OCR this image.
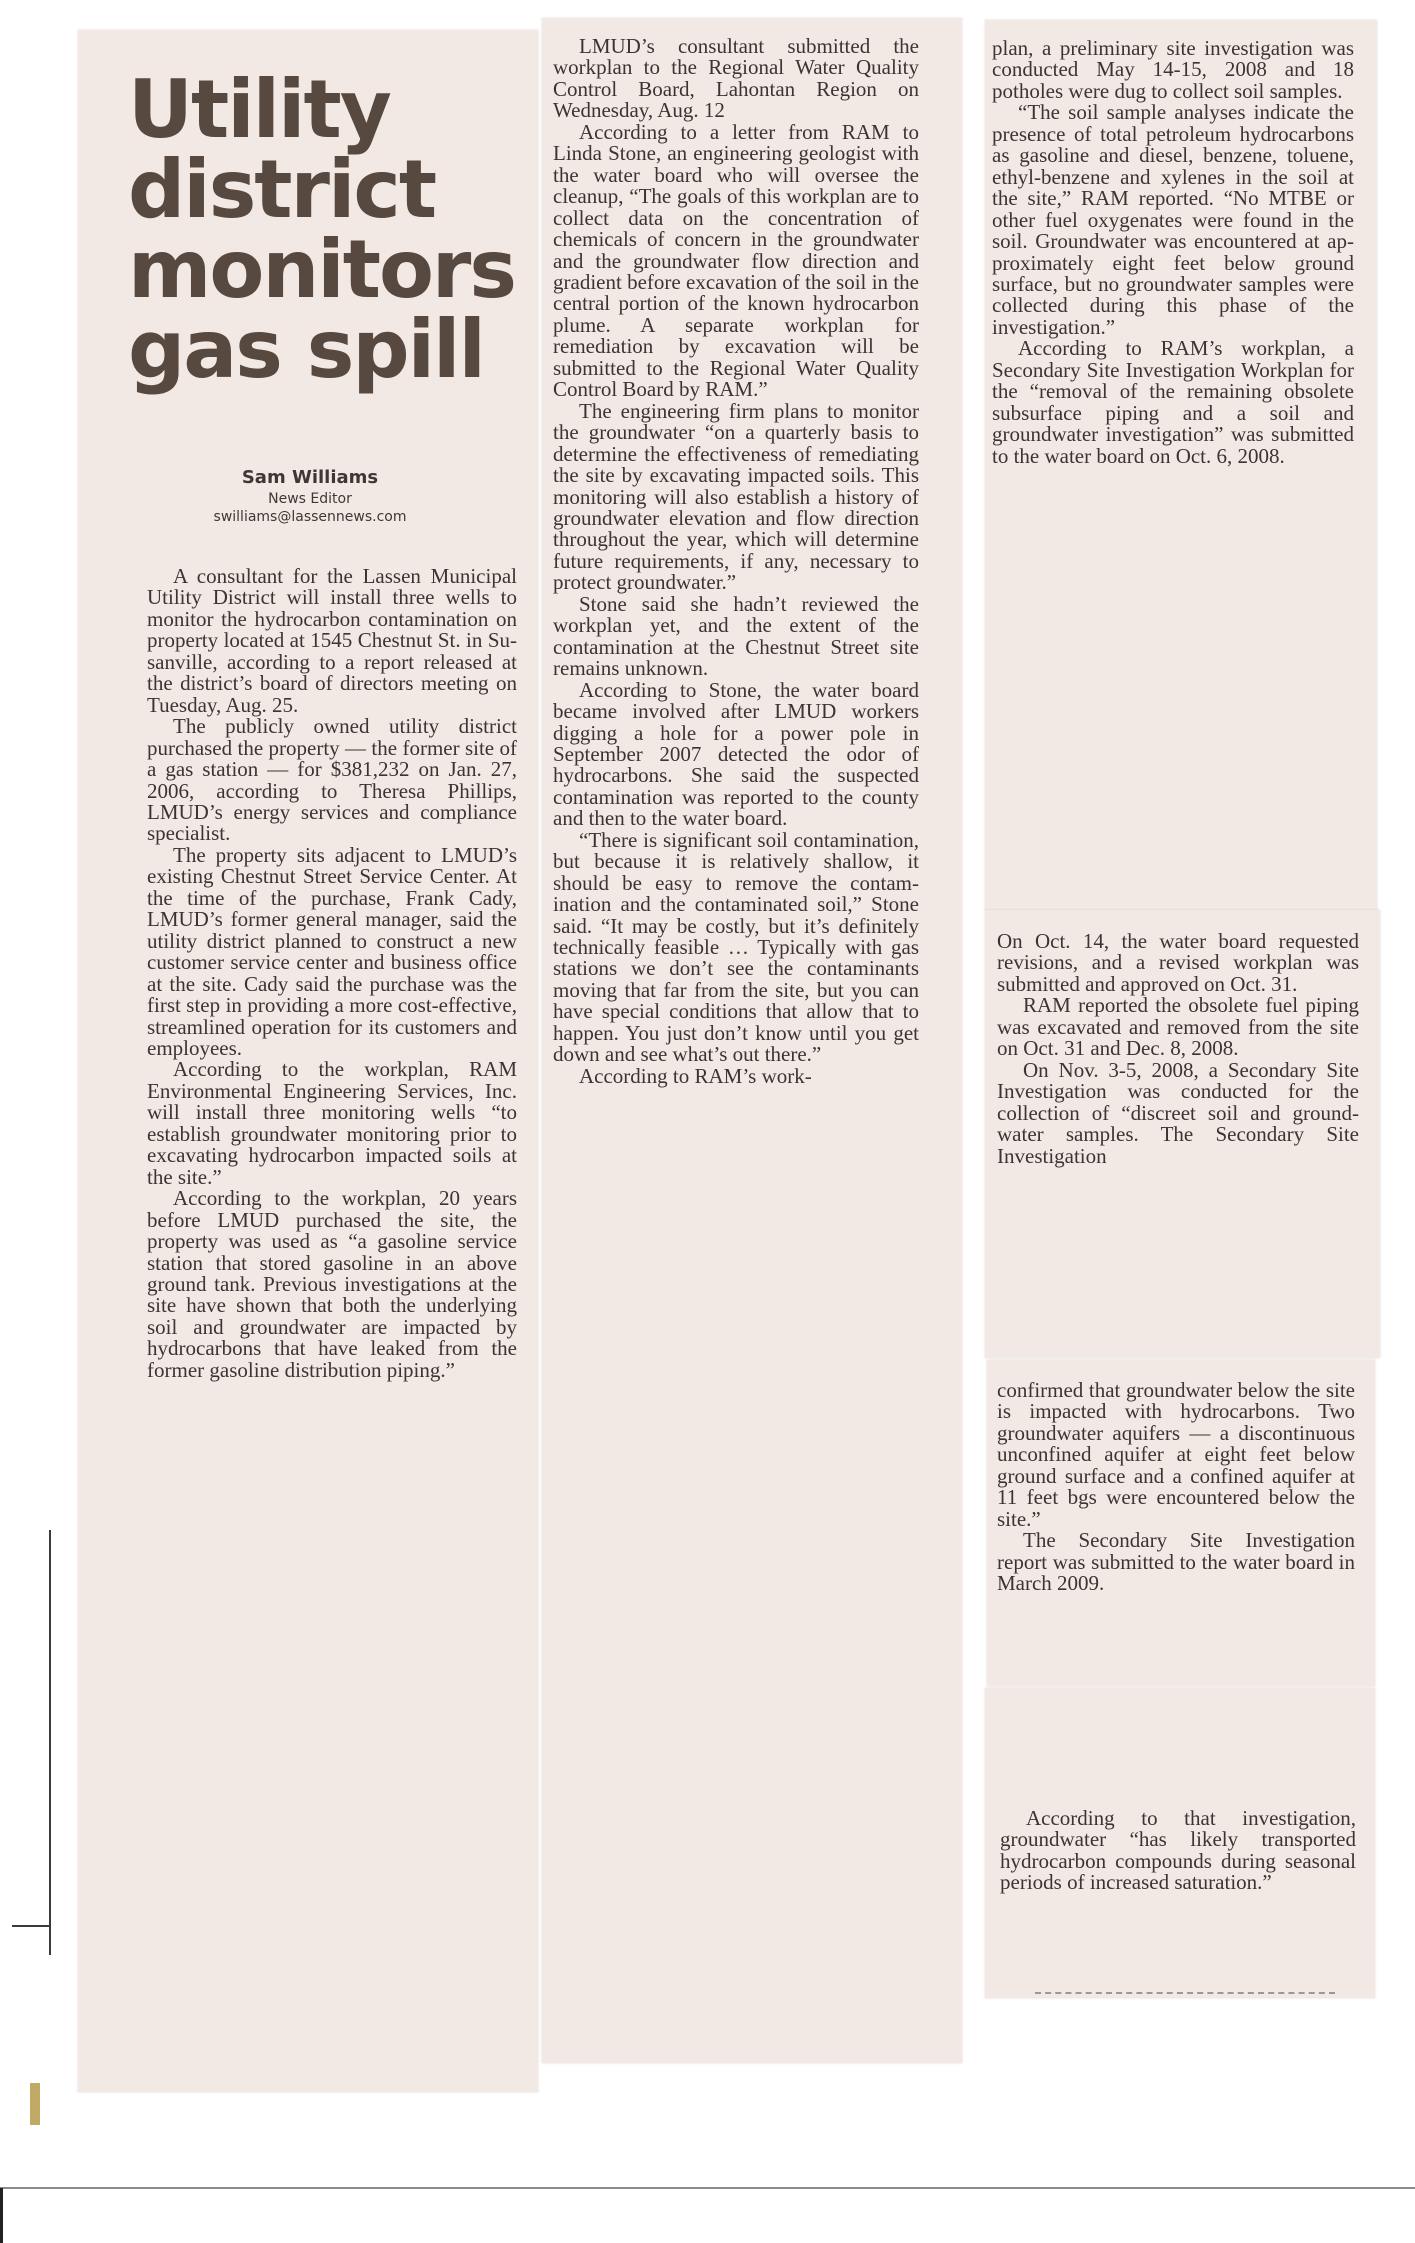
Utility
district
monitors
gas spill
Sam Williams
News Editor
swilliams@lassennews.com

A consultant for the Lassen Municipal Utility District will install three wells to monitor the hydrocarbon contamination on property located at 1545 Chestnut St. in Susanville, according to a report released at the district’s board of directors meeting on Tuesday, Aug. 25.

The publicly owned utility district purchased the property — the former site of a gas station — for $381,232 on Jan. 27, 2006, according to Theresa Phillips, LMUD’s energy services and compliance specialist.

The property sits adjacent to LMUD’s existing Chestnut Street Service Center. At the time of the purchase, Frank Cady, LMUD’s former general manager, said the utility district planned to construct a new customer service center and business office at the site. Cady said the purchase was the first step in providing a more cost-effective, streamlined operation for its customers and employees.

According to the workplan, RAM Environmental Engineering Services, Inc. will install three monitoring wells “to establish groundwater monitoring prior to excavating hydrocarbon impacted soils at the site.”

According to the workplan, 20 years before LMUD purchased the site, the property was used as “a gasoline service station that stored gasoline in an above ground tank. Previous investigations at the site have shown that both the underlying soil and groundwater are impacted by hydrocarbons that have leaked from the former gasoline distribution piping.”

LMUD’s consultant submitted the workplan to the Regional Water Quality Control Board, Lahontan Region on Wednesday, Aug. 12

According to a letter from RAM to Linda Stone, an engineering geologist with the water board who will oversee the cleanup, “The goals of this workplan are to collect data on the concentration of chemicals of concern in the groundwater and the groundwater flow direction and gradient before excavation of the soil in the central portion of the known hydrocarbon plume. A separate workplan for remediation by excavation will be submitted to the Regional Water Quality Control Board by RAM.”

The engineering firm plans to monitor the groundwater “on a quarterly basis to determine the effectiveness of remediating the site by excavating impacted soils. This monitoring will also establish a history of groundwater elevation and flow direction throughout the year, which will determine future requirements, if any, necessary to protect groundwater.”

Stone said she hadn’t reviewed the workplan yet, and the extent of the contamination at the Chestnut Street site remains unknown.

According to Stone, the water board became involved after LMUD workers digging a hole for a power pole in September 2007 detected the odor of hydrocarbons. She said the suspected contamination was reported to the county and then to the water board.

“There is significant soil contamination, but because it is relatively shallow, it should be easy to remove the contamination and the contaminated soil,” Stone said. “It may be costly, but it’s definitely technically feasible … Typically with gas stations we don’t see the contaminants moving that far from the site, but you can have special conditions that allow that to happen. You just don’t know until you get down and see what’s out there.”

According to RAM’s work-

plan, a preliminary site investigation was conducted May 14-15, 2008 and 18 potholes were dug to collect soil samples.

“The soil sample analyses indicate the presence of total petroleum hydrocarbons as gasoline and diesel, benzene, toluene, ethyl-benzene and xylenes in the soil at the site,” RAM reported. “No MTBE or other fuel oxygenates were found in the soil. Groundwater was encountered at approximately eight feet below ground surface, but no groundwater samples were collected during this phase of the investigation.”

According to RAM’s workplan, a Secondary Site Investigation Workplan for the “removal of the remaining obsolete subsurface piping and a soil and groundwater investigation” was submitted to the water board on Oct. 6, 2008.

On Oct. 14, the water board requested revisions, and a revised workplan was submitted and approved on Oct. 31.

RAM reported the obsolete fuel piping was excavated and removed from the site on Oct. 31 and Dec. 8, 2008.

On Nov. 3-5, 2008, a Secondary Site Investigation was conducted for the collection of “discreet soil and groundwater samples. The Secondary Site Investigation

confirmed that groundwater below the site is impacted with hydrocarbons. Two groundwater aquifers — a discontinuous unconfined aquifer at eight feet below ground surface and a confined aquifer at 11 feet bgs were encountered below the site.”

The Secondary Site Investigation report was submitted to the water board in March 2009.

According to that investigation, groundwater “has likely transported hydrocarbon compounds during seasonal periods of increased saturation.”
